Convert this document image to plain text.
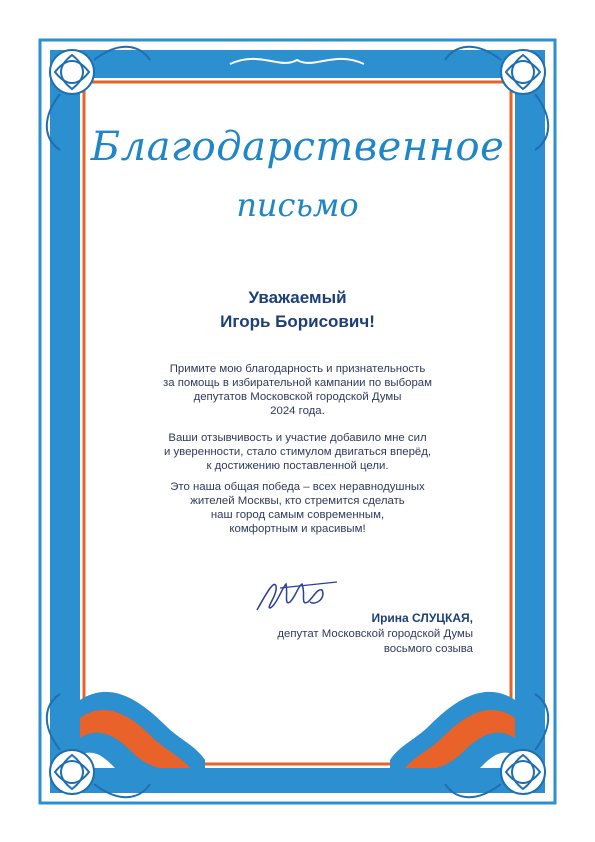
Благодарственное
письмо
Уважаемый
Игорь Борисович!
Примите мою благодарность и признательность
за помощь в избирательной кампании по выборам
депутатов Московской городской Думы
2024 года.
Ваши отзывчивость и участие добавило мне сил
и уверенности, стало стимулом двигаться вперёд,
к достижению поставленной цели.
Это наша общая победа – всех неравнодушных
жителей Москвы, кто стремится сделать
наш город самым современным,
комфортным и красивым!
Ирина СЛУЦКАЯ,
депутат Московской городской Думы
восьмого созыва
